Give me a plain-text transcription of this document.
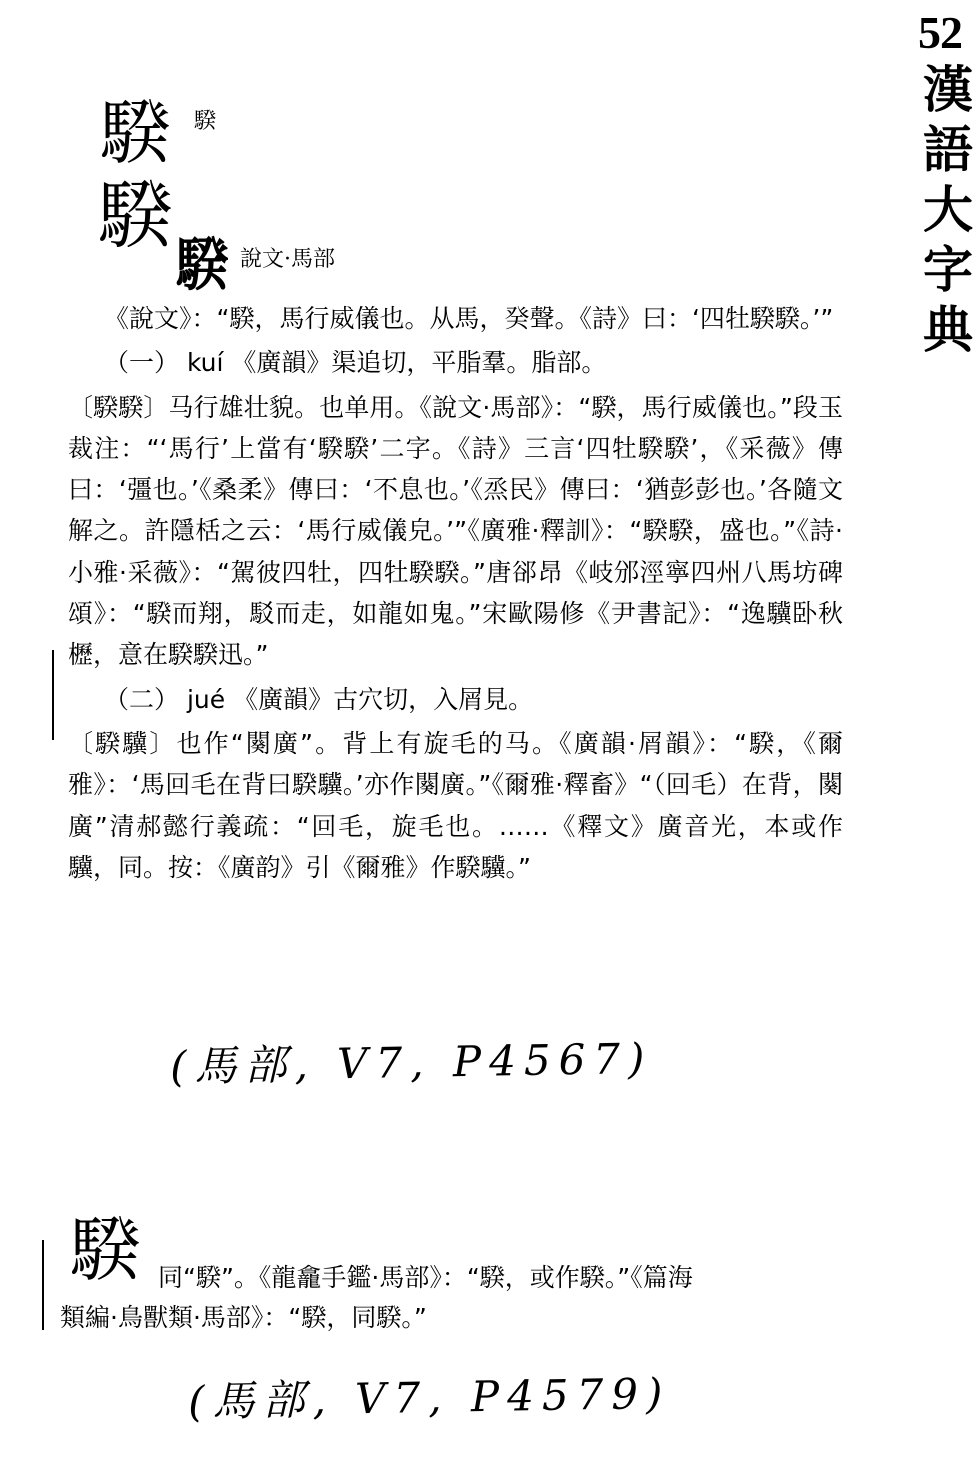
52
漢
語
大
字
典
騤 騤
騤
騤 說文·馬部

《說文》：“騤，馬行威儀也。从馬，癸聲。《詩》曰：‘四牡騤騤。’”

（一） kuí 《廣韻》渠追切，平脂羣。脂部。

〔騤騤〕马行雄壮貌。也单用。《說文·馬部》：“騤，馬行威儀也。”段玉裁注：“‘馬行’上當有‘騤騤’二字。《詩》三言‘四牡騤騤’，《采薇》傳曰：‘彊也。’《桑柔》傳曰：‘不息也。’《烝民》傳曰：‘猶彭彭也。’各隨文解之。許隱栝之云：‘馬行威儀皃。’”《廣雅·釋訓》：“騤騤，盛也。”《詩·小雅·采薇》：“駕彼四牡，四牡騤騤。”唐郤昂《岐邠涇寧四州八馬坊碑頌》：“騤而翔，駁而走，如龍如鬼。”宋歐陽修《尹書記》：“逸驥卧秋櫪，意在騤騤迅。”

（二） jué 《廣韻》古穴切，入屑見。

〔騤驥〕也作“闋廣”。背上有旋毛的马。《廣韻·屑韻》：“騤，《爾雅》：‘馬回毛在背曰騤驥。’亦作闋廣。”《爾雅·釋畜》“（回毛）在背，闋廣”清郝懿行義疏：“回毛，旋毛也。……《釋文》廣音光，本或作驥，同。按：《廣韵》引《爾雅》作騤驥。”

(馬部, V7, P4567)
騤 同“騤”。《龍龕手鑑·馬部》：“騤，或作騤。”《篇海
類編·鳥獸類·馬部》：“騤，同騤。”
(馬部, V7, P4579)
